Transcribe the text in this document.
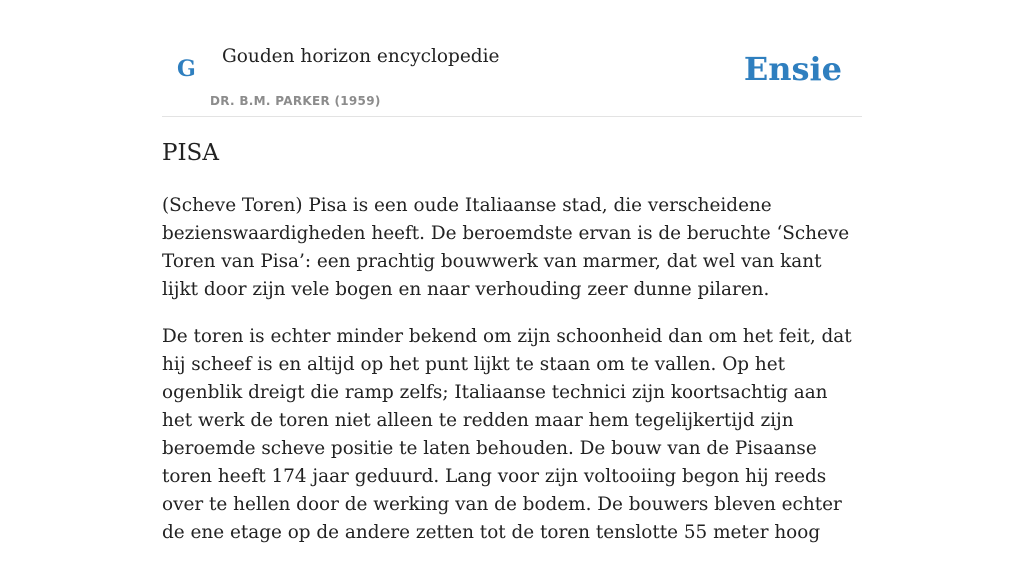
G Gouden horizon encyclopedie
DR. B.M. PARKER (1959)
Ensie
PISA

(Scheve Toren) Pisa is een oude Italiaanse stad, die verscheidene bezienswaardigheden heeft. De beroemdste ervan is de beruchte ‘Scheve Toren van Pisa’: een prachtig bouwwerk van marmer, dat wel van kant lijkt door zijn vele bogen en naar verhouding zeer dunne pilaren.

De toren is echter minder bekend om zijn schoonheid dan om het feit, dat hij scheef is en altijd op het punt lijkt te staan om te vallen. Op het ogenblik dreigt die ramp zelfs; Italiaanse technici zijn koortsachtig aan het werk de toren niet alleen te redden maar hem tegelijkertijd zijn beroemde scheve positie te laten behouden. De bouw van de Pisaanse toren heeft 174 jaar geduurd. Lang voor zijn voltooiing begon hij reeds over te hellen door de werking van de bodem. De bouwers bleven echter de ene etage op de andere zetten tot de toren tenslotte 55 meter hoog
